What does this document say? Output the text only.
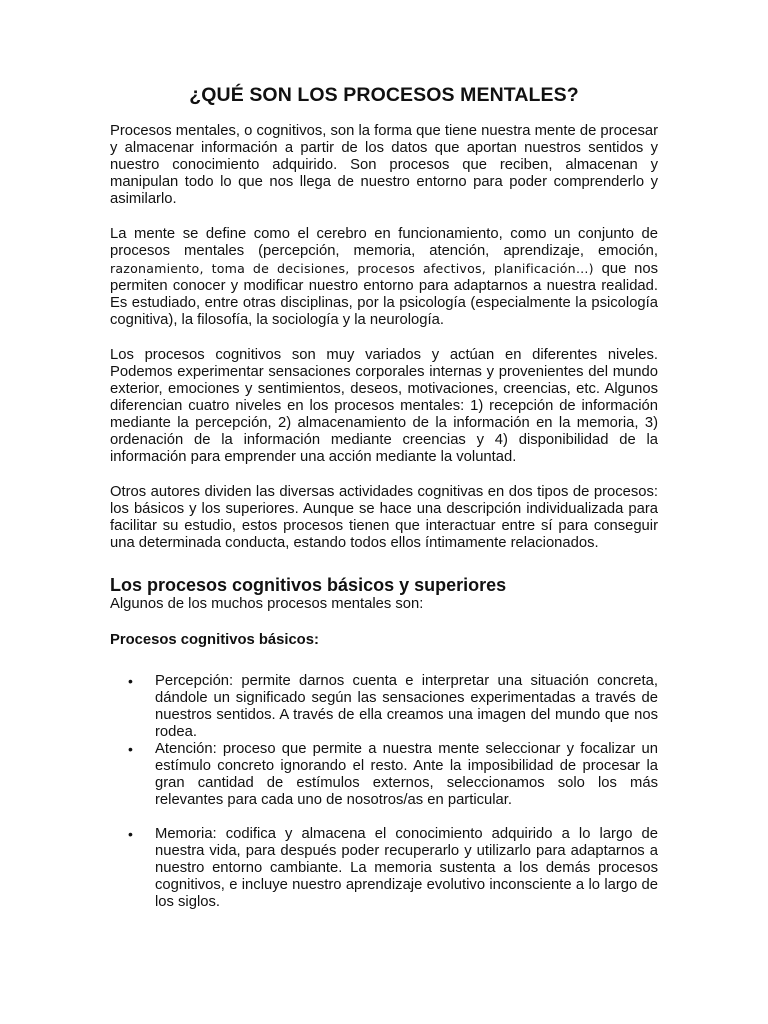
¿QUÉ SON LOS PROCESOS MENTALES?

Procesos mentales, o cognitivos, son la forma que tiene nuestra mente de procesar y almacenar información a partir de los datos que aportan nuestros sentidos y nuestro conocimiento adquirido. Son procesos que reciben, almacenan y manipulan todo lo que nos llega de nuestro entorno para poder comprenderlo y asimilarlo.

La mente se define como el cerebro en funcionamiento, como un conjunto de procesos mentales (percepción, memoria, atención, aprendizaje, emoción, razonamiento, toma de decisiones, procesos afectivos, planificación…) que nos permiten conocer y modificar nuestro entorno para adaptarnos a nuestra realidad. Es estudiado, entre otras disciplinas, por la psicología (especialmente la psicología cognitiva), la filosofía, la sociología y la neurología.

Los procesos cognitivos son muy variados y actúan en diferentes niveles. Podemos experimentar sensaciones corporales internas y provenientes del mundo exterior, emociones y sentimientos, deseos, motivaciones, creencias, etc. Algunos diferencian cuatro niveles en los procesos mentales: 1) recepción de información mediante la percepción, 2) almacenamiento de la información en la memoria, 3) ordenación de la información mediante creencias y 4) disponibilidad de la información para emprender una acción mediante la voluntad.

Otros autores dividen las diversas actividades cognitivas en dos tipos de procesos: los básicos y los superiores. Aunque se hace una descripción individualizada para facilitar su estudio, estos procesos tienen que interactuar entre sí para conseguir una determinada conducta, estando todos ellos íntimamente relacionados.

Los procesos cognitivos básicos y superiores

Algunos de los muchos procesos mentales son:

Procesos cognitivos básicos:
• Percepción: permite darnos cuenta e interpretar una situación concreta, dándole un significado según las sensaciones experimentadas a través de nuestros sentidos. A través de ella creamos una imagen del mundo que nos rodea.
• Atención: proceso que permite a nuestra mente seleccionar y focalizar un estímulo concreto ignorando el resto. Ante la imposibilidad de procesar la gran cantidad de estímulos externos, seleccionamos solo los más relevantes para cada uno de nosotros/as en particular.
• Memoria: codifica y almacena el conocimiento adquirido a lo largo de nuestra vida, para después poder recuperarlo y utilizarlo para adaptarnos a nuestro entorno cambiante. La memoria sustenta a los demás procesos cognitivos, e incluye nuestro aprendizaje evolutivo inconsciente a lo largo de los siglos.
